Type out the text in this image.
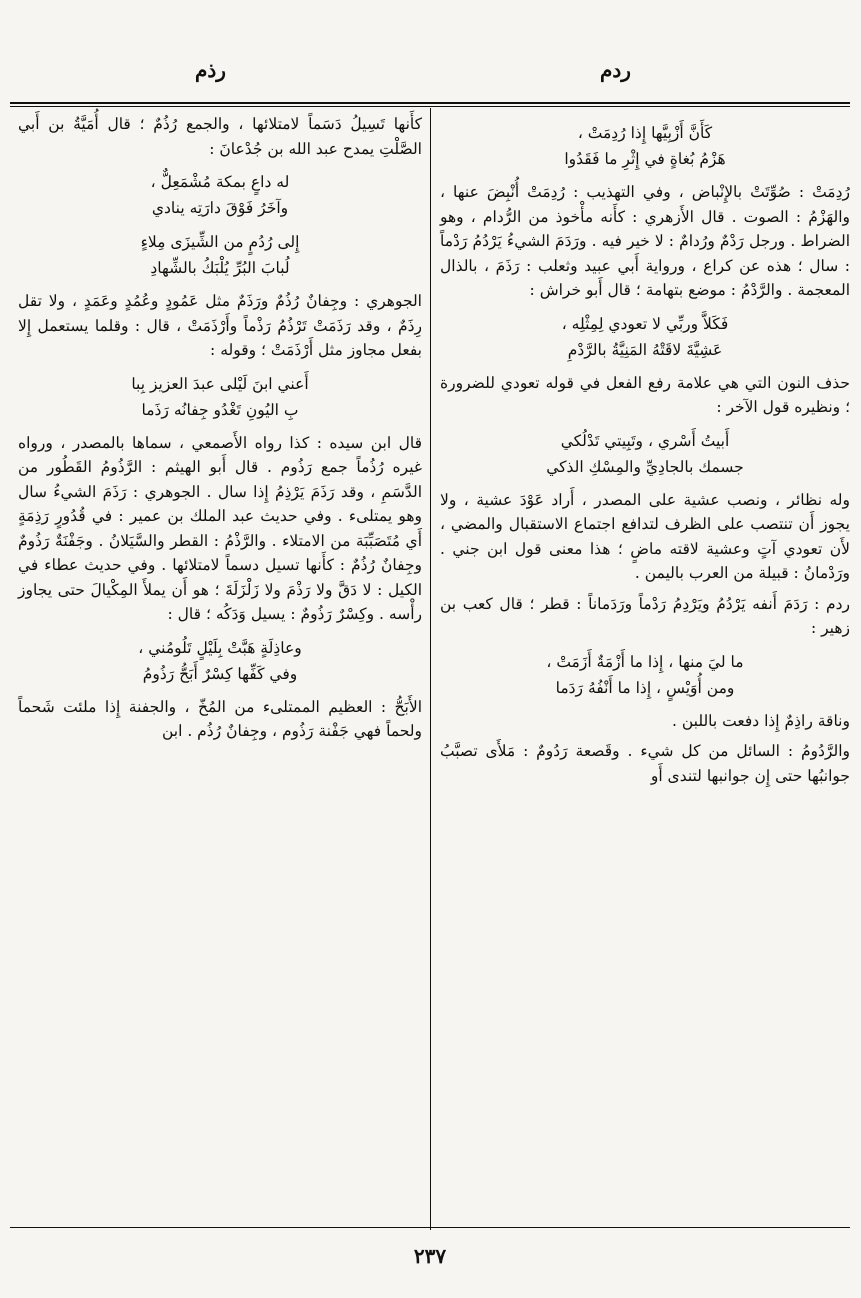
ردم
رذم
كَأَنَّ أَزْبِيَّها إِذا رُدِمَتْ ،
هَزْمُ بُغاةٍ في إِثْرِ ما فَقَدُوا

رُدِمَتْ : صُوِّتَتْ بالإِنْباض ، وفي التهذيب : رُدِمَتْ أُنْبِضَ عنها ، والهَزْمُ : الصوت . قال الأَزهري : كأَنه مأْخوذ من الرُّدام ، وهو الضراط . ورجل رَدْمٌ ورُدامٌ : لا خير فيه . ورَدَمَ الشيءُ يَرْدُمُ رَدْماً : سال ؛ هذه عن كراع ، ورواية أَبي عبيد وثعلب : رَذَمَ ، بالذال المعجمة . والرَّدْمُ : موضع بتهامة ؛ قال أَبو خراش :

فَكَلاَّ وربِّي لا تعودي لِمِثْلِه ،
عَشِيَّةَ لاقَتْهُ المَنِيَّةُ بالرَّدْمِ

حذف النون التي هي علامة رفع الفعل في قوله تعودي للضرورة ؛ ونظيره قول الآخر :

أَبيتُ أَسْري ، وتَبِيتي تَدْلُكي
جسمك بالجادِيِّ والمِسْكِ الذكي

وله نظائر ، ونصب عشية على المصدر ، أَراد عَوْدَ عشية ، ولا يجوز أَن تنتصب على الظرف لتدافع اجتماع الاستقبال والمضي ، لأَن تعودي آتٍ وعشية لاقته ماضٍ ؛ هذا معنى قول ابن جني . ورَدْمانُ : قبيلة من العرب باليمن .

ردم : رَدَمَ أَنفه يَرْدُمُ ويَرْدِمُ رَدْماً ورَدَماناً : قطر ؛ قال كعب بن زهير :

ما ليَ منها ، إِذا ما أَزْمَةٌ أَزَمَتْ ،
ومن أُوَيْسٍ ، إِذا ما أَنْفُهُ رَدَما

وناقة راذِمٌ إِذا دفعت باللبن .

والرَّدُومُ : السائل من كل شيء . وقَصعة رَدُومٌ : مَلأَى تصبَّبُ جوانبُها حتى إِن جوانبها لتندى أَو

كأَنها تَسِيلُ دَسَماً لامتلائها ، والجمع رُذُمٌ ؛ قال أُمَيَّةُ بن أَبي الصَّلْتِ يمدح عبد الله بن جُدْعانَ :

له داعٍ بمكة مُشْمَعِلٌّ ،
وآخَرُ فَوْقَ دارَتِه ينادي
إِلى رُدُمٍ من الشِّيزَى مِلاءٍ
لُبابَ البُرِّ يُلْبَكُ بالشِّهادِ

الجوهري : وجِفانٌ رُذُمٌ ورَذَمٌ مثل عَمُودٍ وعُمُدٍ وعَمَدٍ ، ولا تقل رِذَمٌ ، وقد رَذَمَتْ تَرْذُمُ رَذْماً وأَرْذَمَتْ ، قال : وقلما يستعمل إِلا بفعل مجاوز مثل أَرْذَمَتْ ؛ وقوله :

أَعني ابنَ لَيْلى عبدَ العزيز بِبا
بِ اليُونِ تَغْدُو جِفانُه رَذَما

قال ابن سيده : كذا رواه الأَصمعي ، سماها بالمصدر ، ورواه غيره رُذُماً جمع رَذُوم . قال أَبو الهيثم : الرَّذُومُ القَطُور من الدَّسَمِ ، وقد رَذَمَ يَرْذِمُ إِذا سال . الجوهري : رَذَمَ الشيءُ سال وهو يمتلىء . وفي حديث عبد الملك بن عمير : في قُدُورٍ رَذِمَةٍ أَي مُتَصَبِّبَة من الامتلاء . والرَّذْمُ : القطر والسَّيَلانُ . وجَفْنَةٌ رَذُومٌ وجِفانٌ رُذُمٌ : كأَنها تسيل دسماً لامتلائها . وفي حديث عطاء في الكيل : لا دَقَّ ولا رَذْمَ ولا زَلْزَلَةَ ؛ هو أَن يملأَ المِكْيالَ حتى يجاوز رأْسه . وكِسْرٌ رَذُومٌ : يسيل وَدَكُه ؛ قال :

وعاذِلَةٍ هَبَّتْ بِلَيْلٍ تَلُومُني ،
وفي كَفِّها كِسْرٌ أَبَحُّ رَذُومُ

الأَبَحُّ : العظيم الممتلىء من المُخّ ، والجفنة إِذا ملئت شَحماً ولحماً فهي جَفْنة رَذُوم ، وجِفانٌ رُذُم . ابن

٢٣٧
